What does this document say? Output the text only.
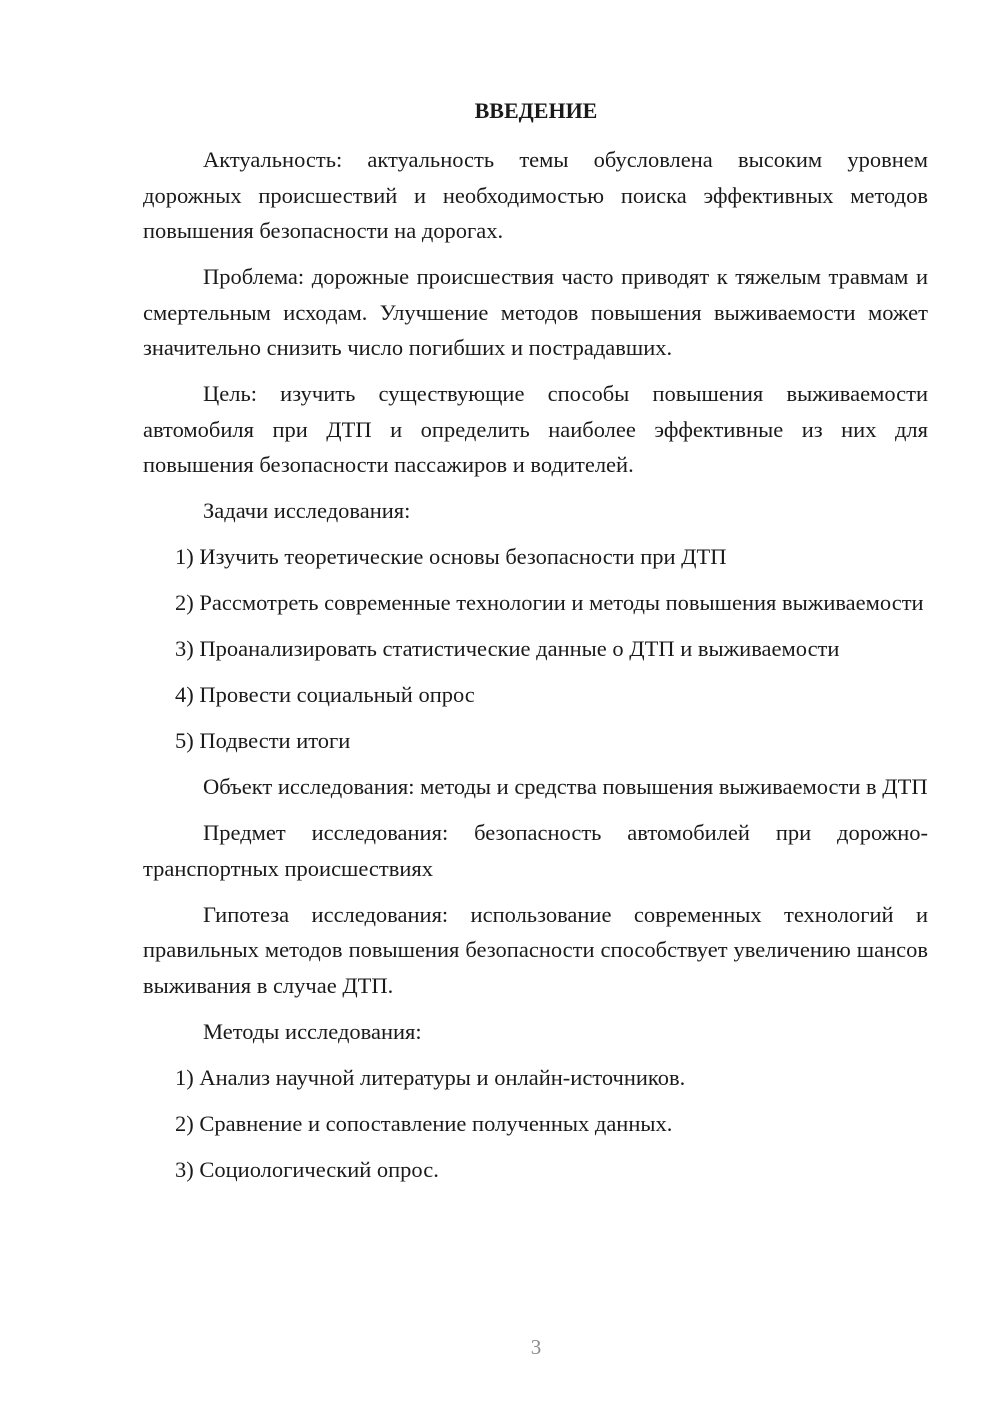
ВВЕДЕНИЕ

Актуальность: актуальность темы обусловлена высоким уровнем дорожных происшествий и необходимостью поиска эффективных методов повышения безопасности на дорогах.

Проблема: дорожные происшествия часто приводят к тяжелым травмам и смертельным исходам. Улучшение методов повышения выживаемости может значительно снизить число погибших и пострадавших.

Цель: изучить существующие способы повышения выживаемости автомобиля при ДТП и определить наиболее эффективные из них для повышения безопасности пассажиров и водителей.

Задачи исследования:

1) Изучить теоретические основы безопасности при ДТП

2) Рассмотреть современные технологии и методы повышения выживаемости

3) Проанализировать статистические данные о ДТП и выживаемости

4) Провести социальный опрос

5) Подвести итоги

Объект исследования: методы и средства повышения выживаемости в ДТП

Предмет исследования: безопасность автомобилей при дорожно-транспортных происшествиях

Гипотеза исследования: использование современных технологий и правильных методов повышения безопасности способствует увеличению шансов выживания в случае ДТП.

Методы исследования:

1) Анализ научной литературы и онлайн-источников.

2) Сравнение и сопоставление полученных данных.

3) Социологический опрос.

3
